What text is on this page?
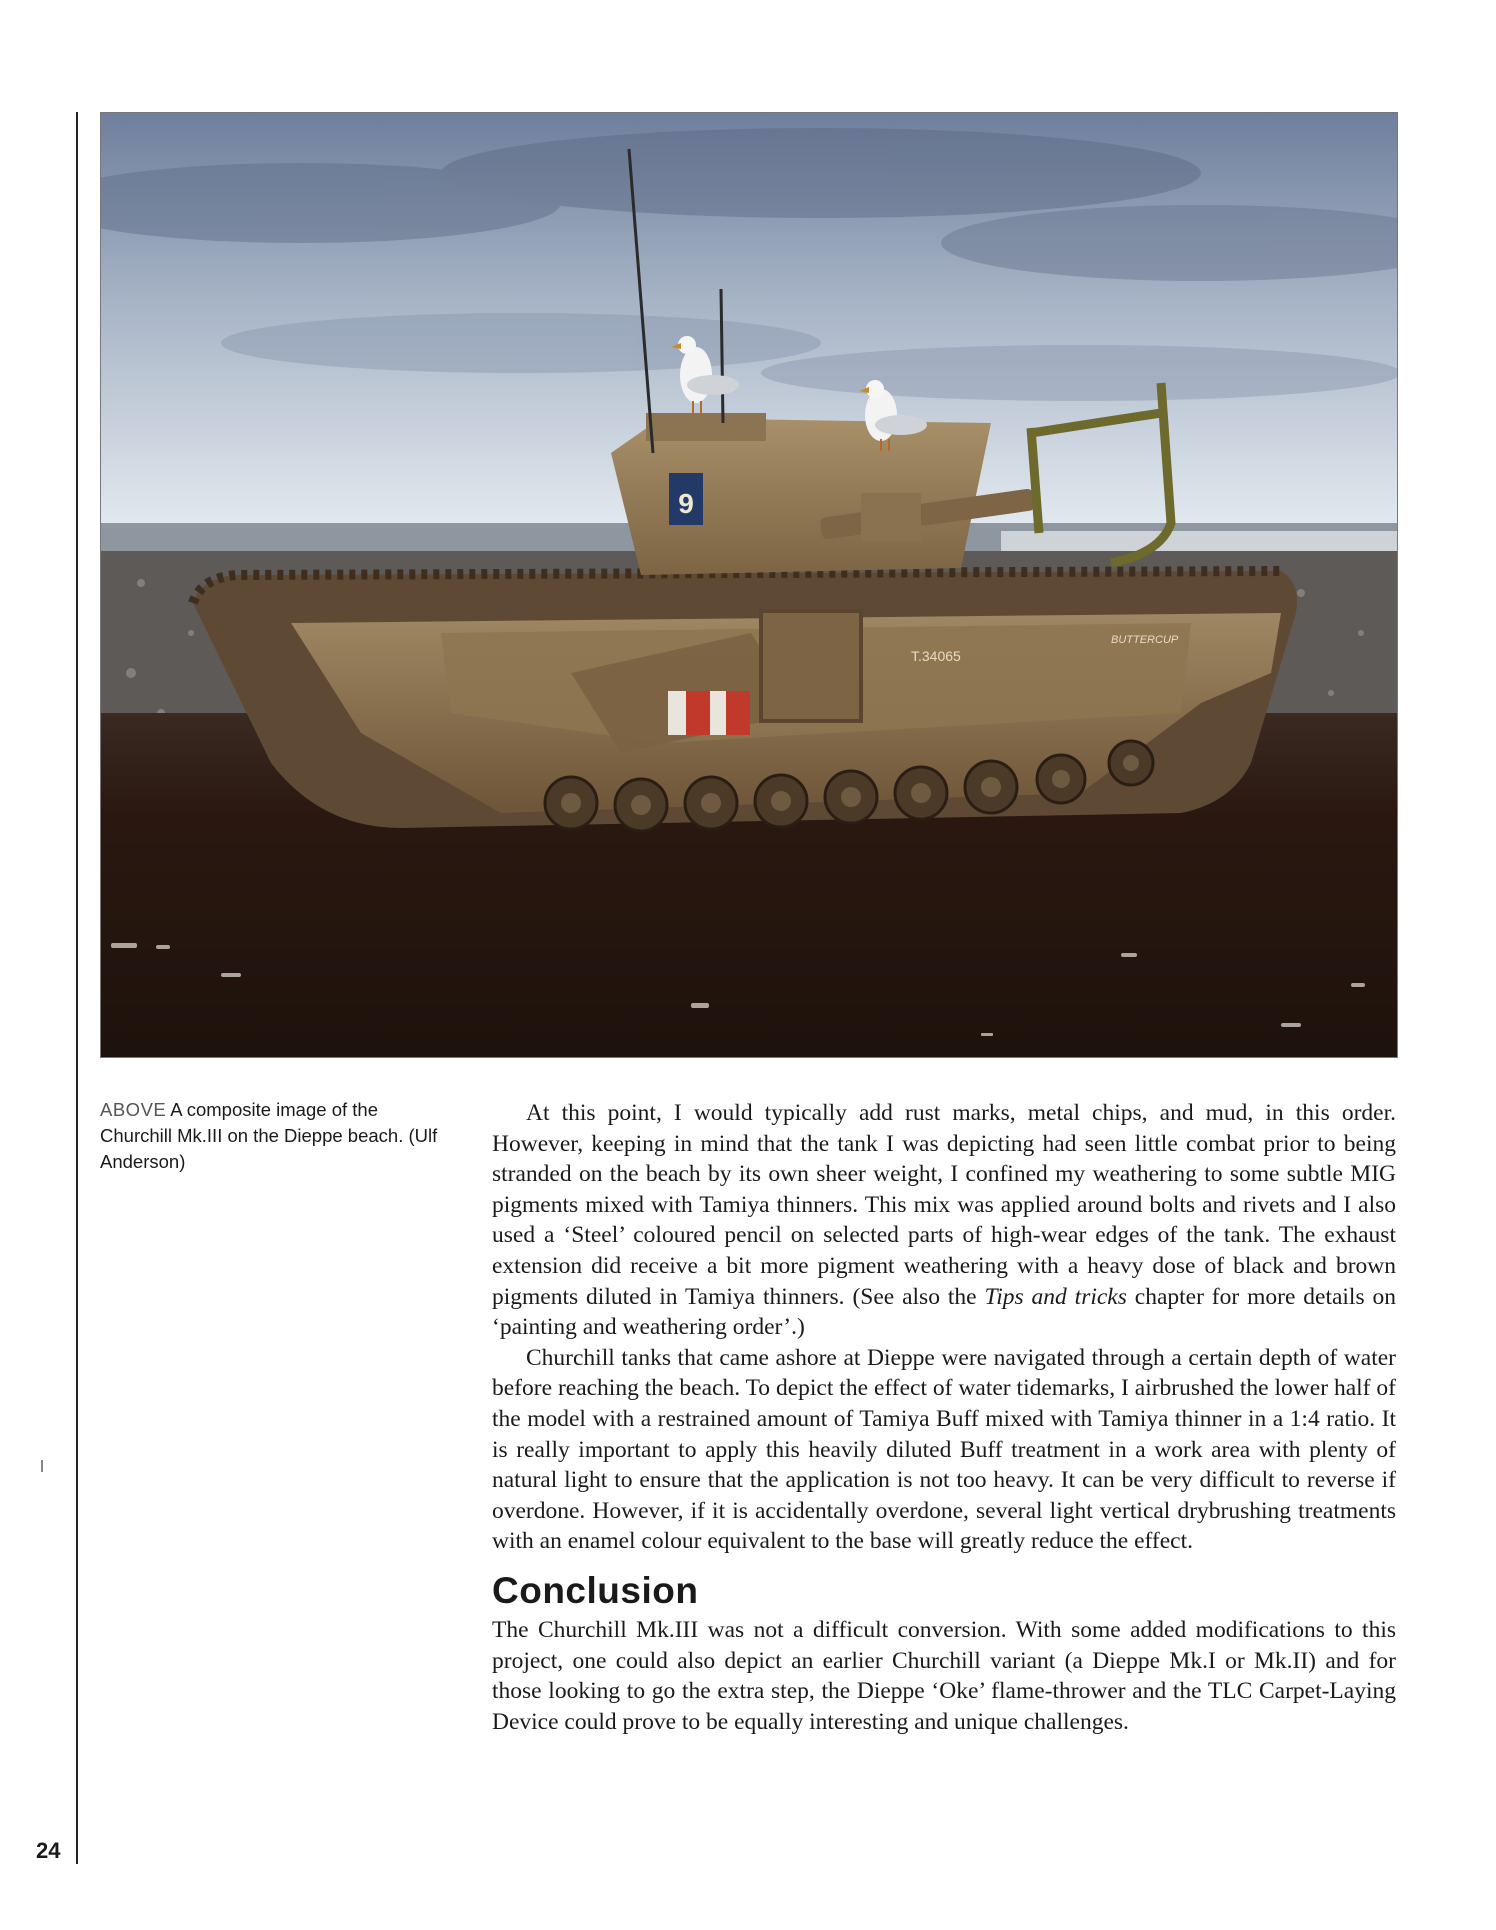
T.34065
BUTTERCUP
9
ABOVE A composite image of the Churchill Mk.III on the Dieppe beach. (Ulf Anderson)

At this point, I would typically add rust marks, metal chips, and mud, in this order. However, keeping in mind that the tank I was depicting had seen little combat prior to being stranded on the beach by its own sheer weight, I confined my weathering to some subtle MIG pigments mixed with Tamiya thinners. This mix was applied around bolts and rivets and I also used a ‘Steel’ coloured pencil on selected parts of high-wear edges of the tank. The exhaust extension did receive a bit more pigment weathering with a heavy dose of black and brown pigments diluted in Tamiya thinners. (See also the Tips and tricks chapter for more details on ‘painting and weathering order’.)

Churchill tanks that came ashore at Dieppe were navigated through a certain depth of water before reaching the beach. To depict the effect of water tidemarks, I airbrushed the lower half of the model with a restrained amount of Tamiya Buff mixed with Tamiya thinner in a 1:4 ratio. It is really important to apply this heavily diluted Buff treatment in a work area with plenty of natural light to ensure that the application is not too heavy. It can be very difficult to reverse if overdone. However, if it is accidentally overdone, several light vertical drybrushing treatments with an enamel colour equivalent to the base will greatly reduce the effect.

Conclusion

The Churchill Mk.III was not a difficult conversion. With some added modifications to this project, one could also depict an earlier Churchill variant (a Dieppe Mk.I or Mk.II) and for those looking to go the extra step, the Dieppe ‘Oke’ flame-thrower and the TLC Carpet-Laying Device could prove to be equally interesting and unique challenges.

24
